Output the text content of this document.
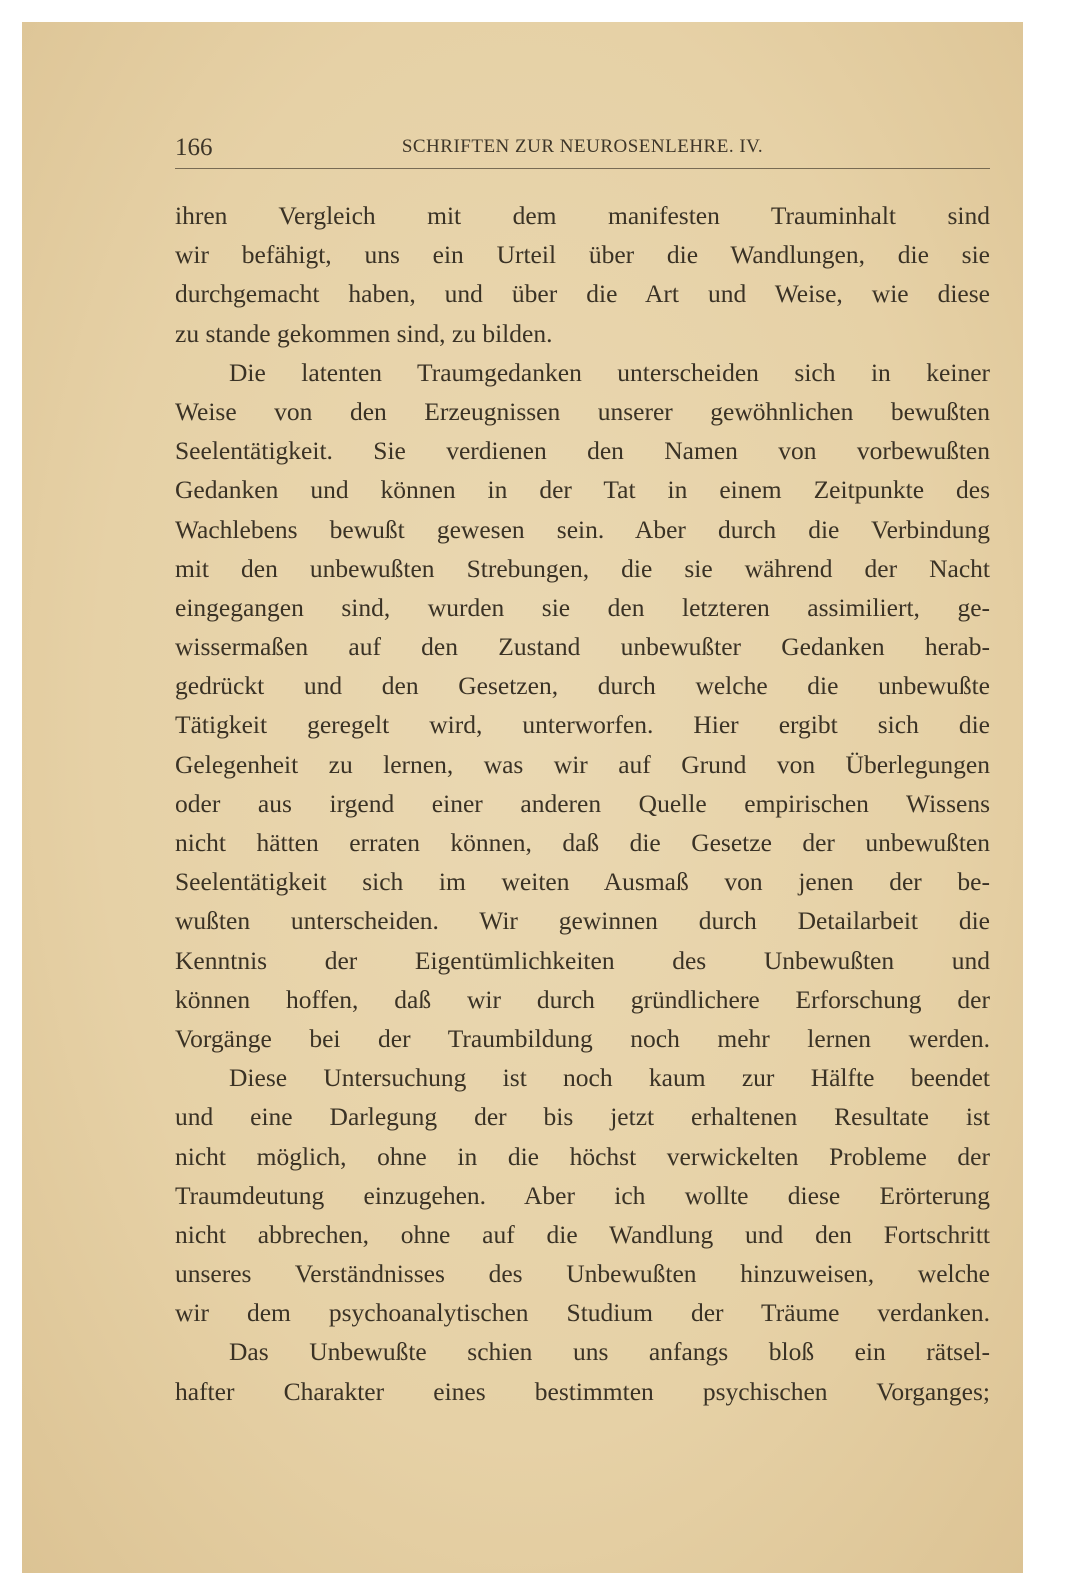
166	SCHRIFTEN ZUR NEUROSENLEHRE. IV.
ihren Vergleich mit dem manifesten Trauminhalt sind
wir befähigt, uns ein Urteil über die Wandlungen, die sie
durchgemacht haben, und über die Art und Weise, wie diese
zu stande gekommen sind, zu bilden.
Die latenten Traumgedanken unterscheiden sich in keiner
Weise von den Erzeugnissen unserer gewöhnlichen bewußten
Seelentätigkeit. Sie verdienen den Namen von vorbewußten
Gedanken und können in der Tat in einem Zeitpunkte des
Wachlebens bewußt gewesen sein. Aber durch die Verbindung
mit den unbewußten Strebungen, die sie während der Nacht
eingegangen sind, wurden sie den letzteren assimiliert, ge-
wissermaßen auf den Zustand unbewußter Gedanken herab-
gedrückt und den Gesetzen, durch welche die unbewußte
Tätigkeit geregelt wird, unterworfen. Hier ergibt sich die
Gelegenheit zu lernen, was wir auf Grund von Überlegungen
oder aus irgend einer anderen Quelle empirischen Wissens
nicht hätten erraten können, daß die Gesetze der unbewußten
Seelentätigkeit sich im weiten Ausmaß von jenen der be-
wußten unterscheiden. Wir gewinnen durch Detailarbeit die
Kenntnis der Eigentümlichkeiten des Unbewußten und
können hoffen, daß wir durch gründlichere Erforschung der
Vorgänge bei der Traumbildung noch mehr lernen werden.
Diese Untersuchung ist noch kaum zur Hälfte beendet
und eine Darlegung der bis jetzt erhaltenen Resultate ist
nicht möglich, ohne in die höchst verwickelten Probleme der
Traumdeutung einzugehen. Aber ich wollte diese Erörterung
nicht abbrechen, ohne auf die Wandlung und den Fortschritt
unseres Verständnisses des Unbewußten hinzuweisen, welche
wir dem psychoanalytischen Studium der Träume verdanken.
Das Unbewußte schien uns anfangs bloß ein rätsel-
hafter Charakter eines bestimmten psychischen Vorganges;
